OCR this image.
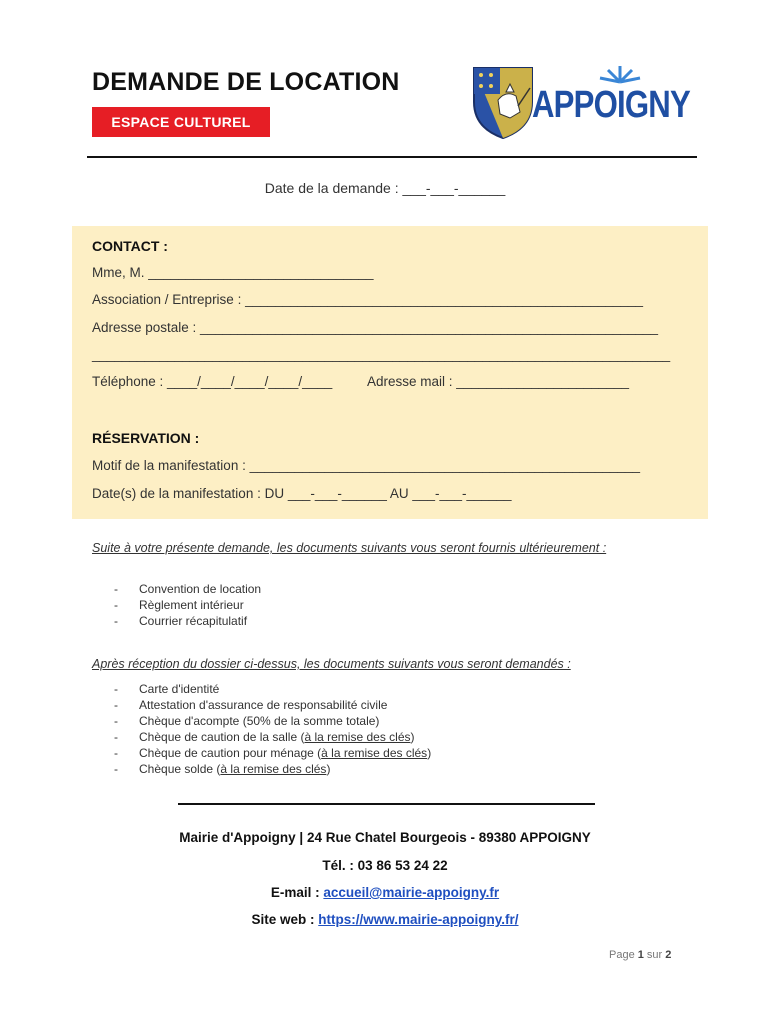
DEMANDE DE LOCATION
ESPACE CULTUREL	APPOIGNY
Date de la demande : ___-___-______
CONTACT :
Mme, M. ______________________________
Association / Entreprise : _____________________________________________________
Adresse postale : _____________________________________________________________
_____________________________________________________________________________
Téléphone : ____/____/____/____/____	Adresse mail : _______________________
RÉSERVATION :
Motif de la manifestation : ____________________________________________________
Date(s) de la manifestation : DU ___-___-______ AU ___-___-______
Suite à votre présente demande, les documents suivants vous seront fournis ultérieurement :
- Convention de location
- Règlement intérieur
- Courrier récapitulatif
Après réception du dossier ci-dessus, les documents suivants vous seront demandés :
- Carte d'identité
- Attestation d'assurance de responsabilité civile
- Chèque d'acompte (50% de la somme totale)
- Chèque de caution de la salle (à la remise des clés)
- Chèque de caution pour ménage (à la remise des clés)
- Chèque solde (à la remise des clés)
Mairie d'Appoigny | 24 Rue Chatel Bourgeois - 89380 APPOIGNY
Tél. : 03 86 53 24 22
E-mail : accueil@mairie-appoigny.fr
Site web : https://www.mairie-appoigny.fr/
Page 1 sur 2
